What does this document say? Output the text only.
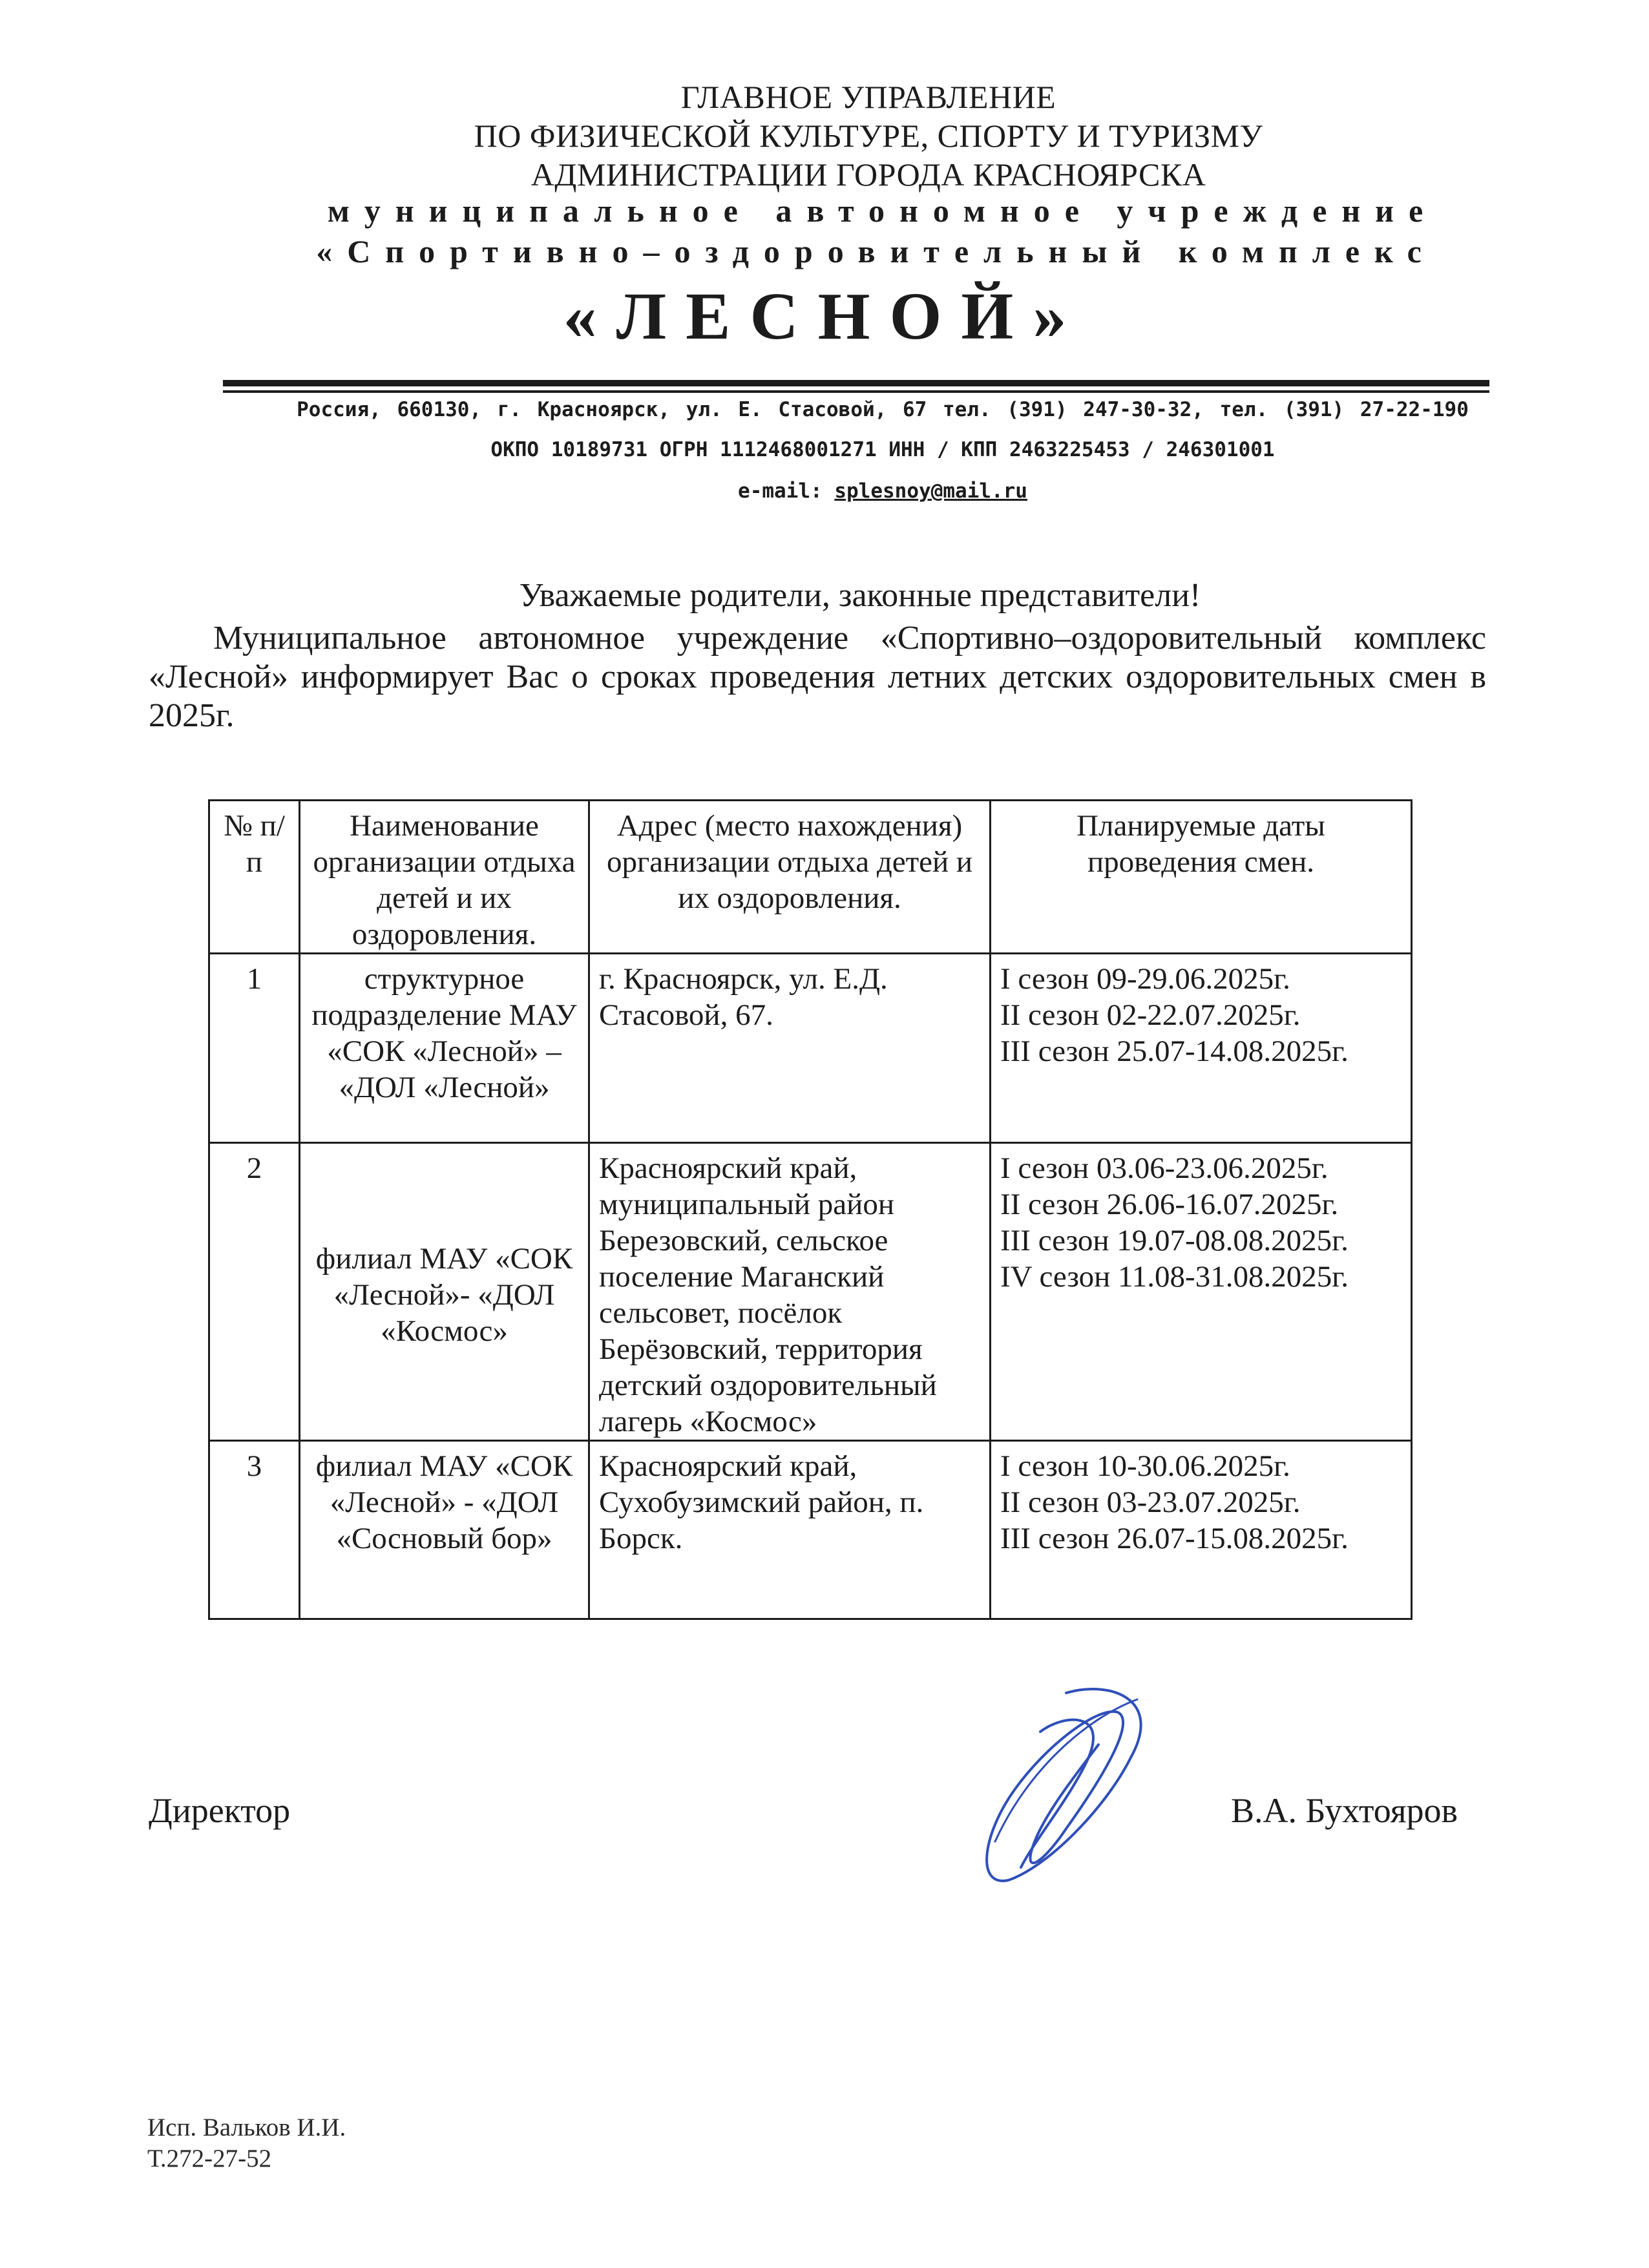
ГЛАВНОЕ УПРАВЛЕНИЕ
ПО ФИЗИЧЕСКОЙ КУЛЬТУРЕ, СПОРТУ И ТУРИЗМУ
АДМИНИСТРАЦИИ ГОРОДА КРАСНОЯРСКА
муниципальное автономное учреждение
«Спортивно–оздоровительный комплекс
«ЛЕСНОЙ»
Россия, 660130, г. Красноярск, ул. Е. Стасовой, 67 тел. (391) 247-30-32, тел. (391) 27-22-190
ОКПО 10189731 ОГРН 1112468001271 ИНН / КПП 2463225453 / 246301001
e-mail: splesnoy@mail.ru
Уважаемые родители, законные представители!
Муниципальное автономное учреждение «Спортивно–оздоровительный комплекс «Лесной» информирует Вас о сроках проведения летних детских оздоровительных смен в 2025г.
№ п/п	Наименование организации отдыха детей и их оздоровления.	Адрес (место нахождения) организации отдыха детей и их оздоровления.	Планируемые даты проведения смен.
1	структурное подразделение МАУ «СОК «Лесной» – «ДОЛ «Лесной»	г. Красноярск, ул. Е.Д. Стасовой, 67.	I сезон 09-29.06.2025г.
II сезон 02-22.07.2025г.
III сезон 25.07-14.08.2025г.

2	филиал МАУ «СОК «Лесной»- «ДОЛ «Космос»	Красноярский край, муниципальный район Березовский, сельское поселение Маганский сельсовет, посёлок Берёзовский, территория детский оздоровительный лагерь «Космос»	I сезон 03.06-23.06.2025г.
II сезон 26.06-16.07.2025г.
III сезон 19.07-08.08.2025г.
IV сезон 11.08-31.08.2025г.

3	филиал МАУ «СОК «Лесной» - «ДОЛ «Сосновый бор»	Красноярский край, Сухобузимский район, п. Борск.	I сезон 10-30.06.2025г.
II сезон 03-23.07.2025г.
III сезон 26.07-15.08.2025г.
Директор	В.А. Бухтояров
Исп. Вальков И.И.
Т.272-27-52
